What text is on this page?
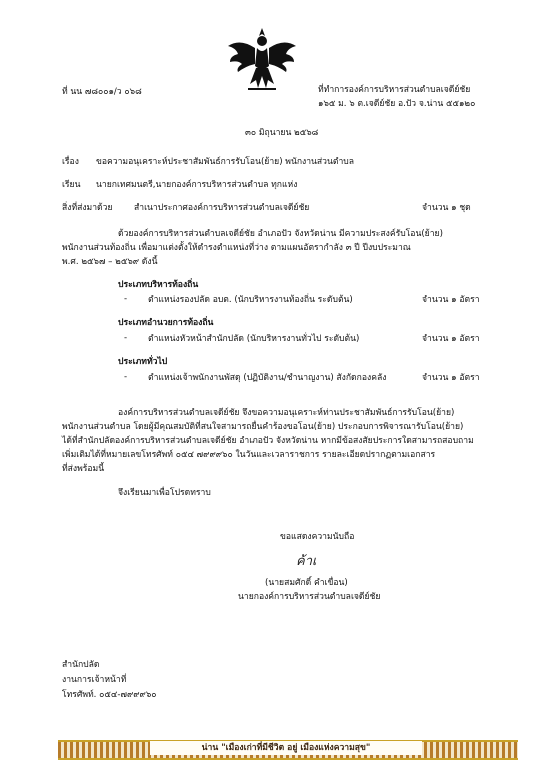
ที่ นน ๗๘๐๐๑/ว ๐๖๘	ที่ทำการองค์การบริหารส่วนตำบลเจดีย์ชัย
๑๖๕ ม. ๖ ต.เจดีย์ชัย อ.ปัว จ.น่าน ๕๕๑๒๐
๓๐ มิถุนายน ๒๕๖๘
เรื่อง ขอความอนุเคราะห์ประชาสัมพันธ์การรับโอน(ย้าย) พนักงานส่วนตำบล
เรียน นายกเทศมนตรี,นายกองค์การบริหารส่วนตำบล ทุกแห่ง
สิ่งที่ส่งมาด้วย	สำเนาประกาศองค์การบริหารส่วนตำบลเจดีย์ชัย	จำนวน ๑ ชุด
ด้วยองค์การบริหารส่วนตำบลเจดีย์ชัย อำเภอปัว จังหวัดน่าน มีความประสงค์รับโอน(ย้าย)
พนักงานส่วนท้องถิ่น เพื่อมาแต่งตั้งให้ดำรงตำแหน่งที่ว่าง ตามแผนอัตรากำลัง ๓ ปี ปีงบประมาณ
พ.ศ. ๒๕๖๗ – ๒๕๖๙ ดังนี้
ประเภทบริหารท้องถิ่น
- ตำแหน่งรองปลัด อบต. (นักบริหารงานท้องถิ่น ระดับต้น)	จำนวน ๑ อัตรา
ประเภทอำนวยการท้องถิ่น
- ตำแหน่งหัวหน้าสำนักปลัด (นักบริหารงานทั่วไป ระดับต้น)	จำนวน ๑ อัตรา
ประเภททั่วไป
- ตำแหน่งเจ้าพนักงานพัสดุ (ปฏิบัติงาน/ชำนาญงาน) สังกัดกองคลัง	จำนวน ๑ อัตรา
องค์การบริหารส่วนตำบลเจดีย์ชัย จึงขอความอนุเคราะห์ท่านประชาสัมพันธ์การรับโอน(ย้าย)
พนักงานส่วนตำบล โดยผู้มีคุณสมบัติที่สนใจสามารถยื่นคำร้องขอโอน(ย้าย) ประกอบการพิจารณารับโอน(ย้าย)
ได้ที่สำนักปลัดองค์การบริหารส่วนตำบลเจดีย์ชัย อำเภอปัว จังหวัดน่าน หากมีข้อสงสัยประการใดสามารถสอบถาม
เพิ่มเติมได้ที่หมายเลขโทรศัพท์ ๐๕๔ ๗๙๙๙๖๐ ในวันและเวลาราชการ รายละเอียดปรากฏตามเอกสาร
ที่ส่งพร้อมนี้
จึงเรียนมาเพื่อโปรดทราบ
ขอแสดงความนับถือ
ค้าเ
(นายสมศักดิ์ คำเขื่อน)
นายกองค์การบริหารส่วนตำบลเจดีย์ชัย
สำนักปลัด
งานการเจ้าหน้าที่
โทรศัพท์. ๐๕๔-๗๙๙๙๖๐
น่าน "เมืองเก่าที่มีชีวิต อยู่ เมืองแห่งความสุข"
